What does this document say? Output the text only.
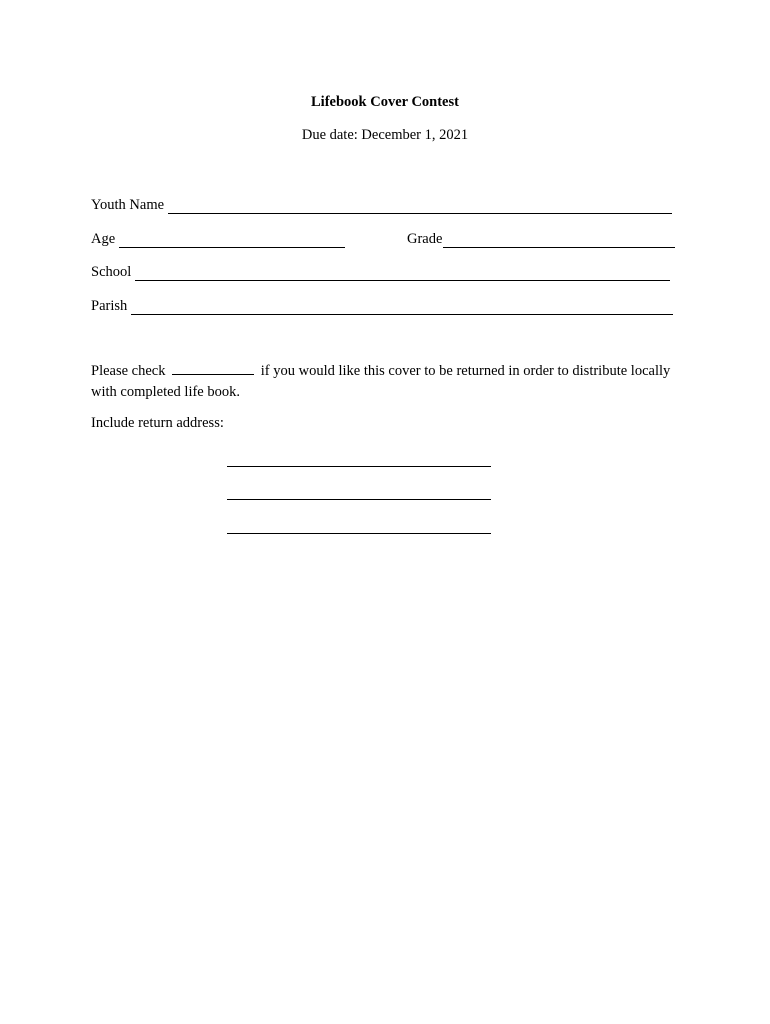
Lifebook Cover Contest
Due date: December 1, 2021
Youth Name
Age	Grade
School
Parish
Please check	if you would like this cover to be returned in order to distribute locally with completed life book.
Include return address:
